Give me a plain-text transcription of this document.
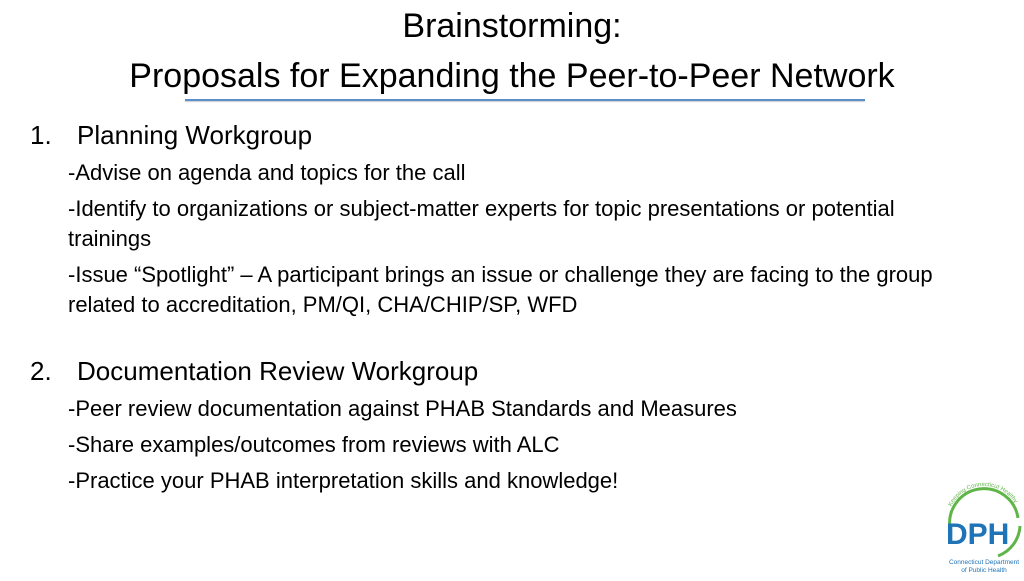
Brainstorming:
Proposals for Expanding the Peer-to-Peer Network
1. Planning Workgroup
-Advise on agenda and topics for the call
-Identify to organizations or subject-matter experts for topic presentations or potential trainings
-Issue “Spotlight” – A participant brings an issue or challenge they are facing to the group related to accreditation, PM/QI, CHA/CHIP/SP, WFD
2. Documentation Review Workgroup
-Peer review documentation against PHAB Standards and Measures
-Share examples/outcomes from reviews with ALC
-Practice your PHAB interpretation skills and knowledge!
Keeping Connecticut Healthy
DPH
Connecticut Department
of Public Health
